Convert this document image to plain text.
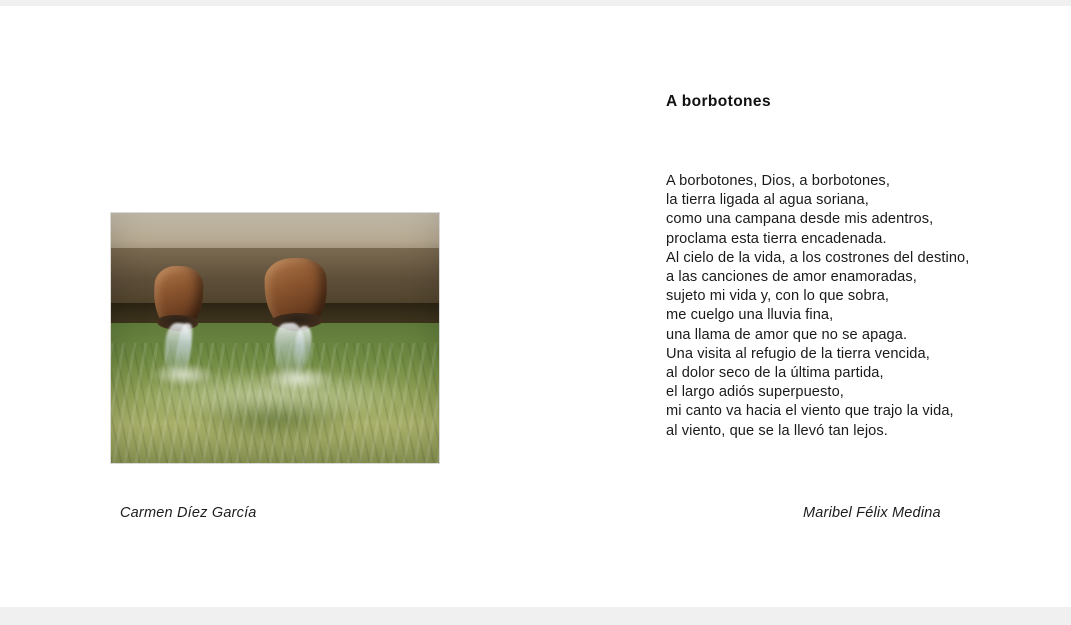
Carmen Díez García
A borbotones
A borbotones, Dios, a borbotones,
la tierra ligada al agua soriana,
como una campana desde mis adentros,
proclama esta tierra encadenada.
Al cielo de la vida, a los costrones del destino,
a las canciones de amor enamoradas,
sujeto mi vida y, con lo que sobra,
me cuelgo una lluvia fina,
una llama de amor que no se apaga.
Una visita al refugio de la tierra vencida,
al dolor seco de la última partida,
el largo adiós superpuesto,
mi canto va hacia el viento que trajo la vida,
al viento, que se la llevó tan lejos.
Maribel Félix Medina
